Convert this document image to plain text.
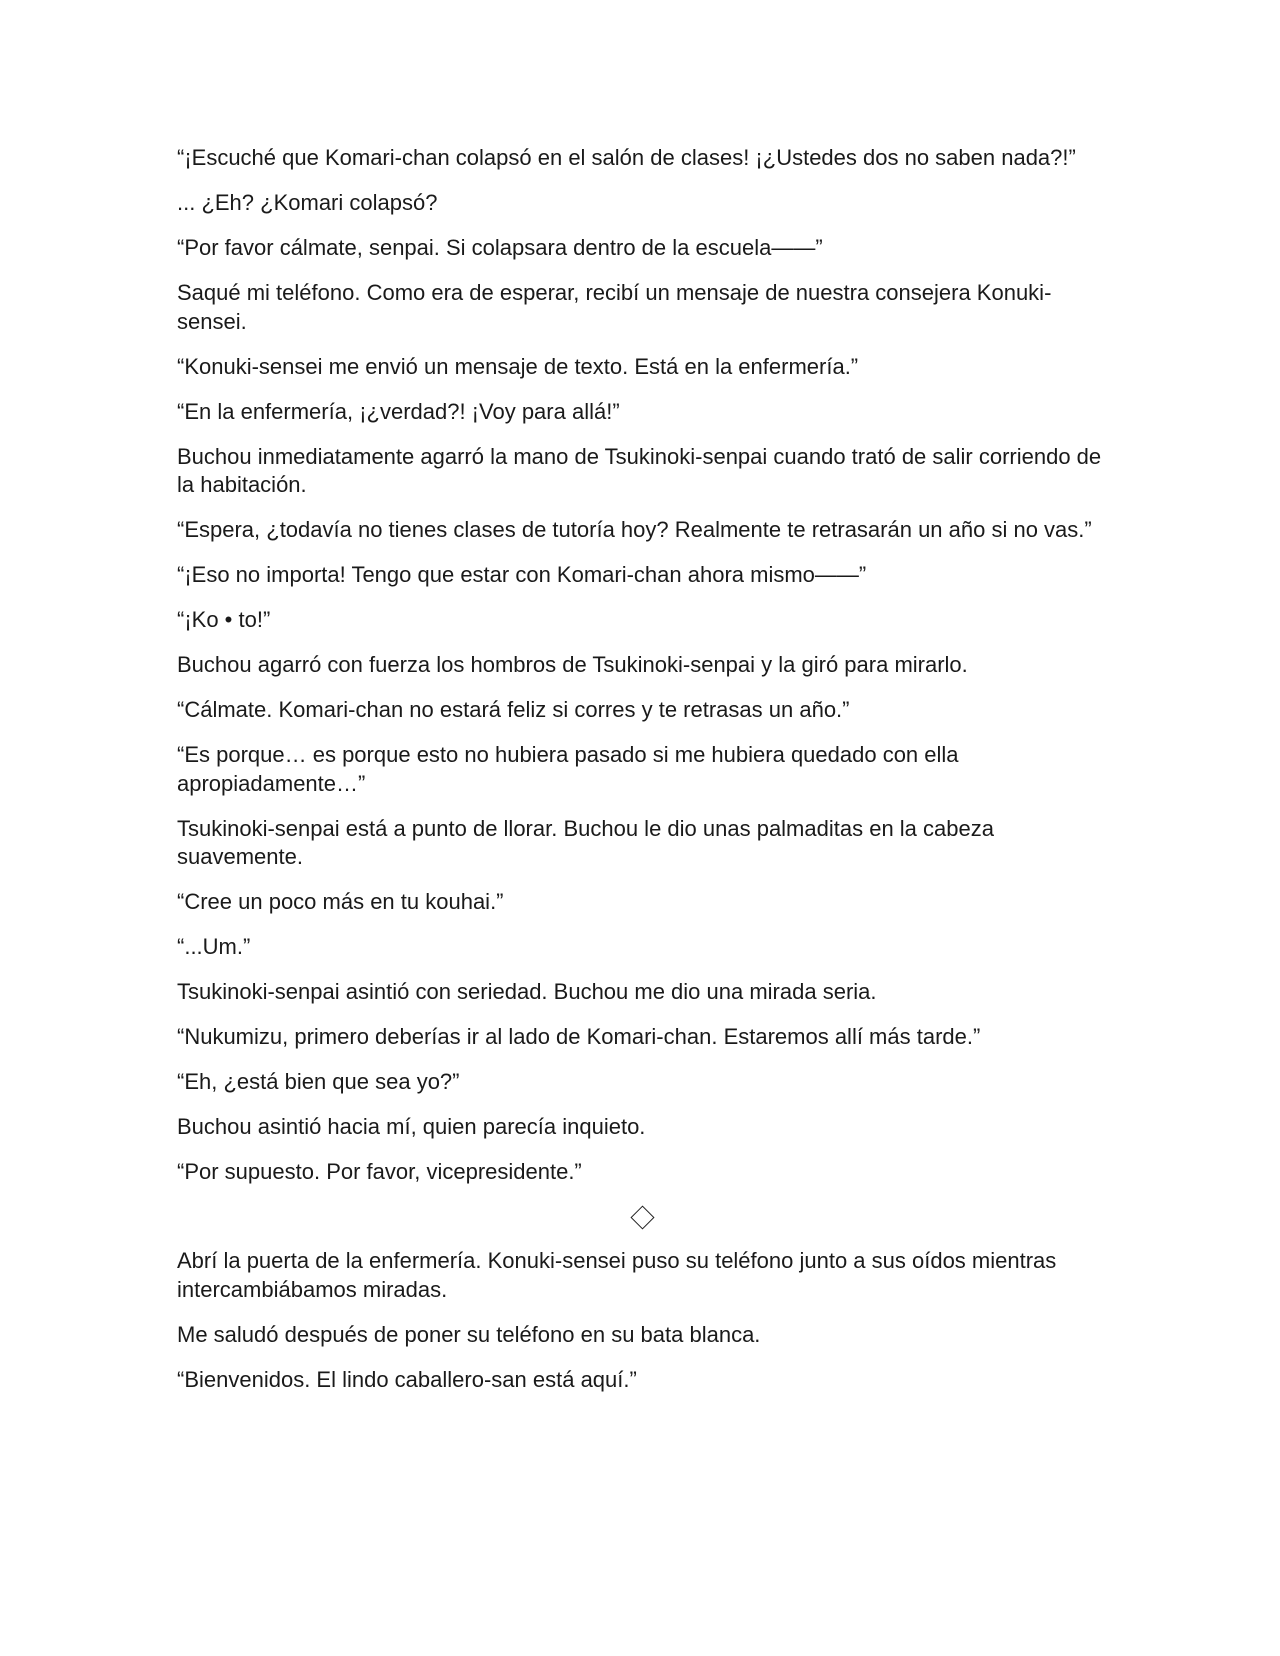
“¡Escuché que Komari-chan colapsó en el salón de clases! ¡¿Ustedes dos no saben nada?!”

... ¿Eh? ¿Komari colapsó?

“Por favor cálmate, senpai. Si colapsara dentro de la escuela——”

Saqué mi teléfono. Como era de esperar, recibí un mensaje de nuestra consejera Konuki-sensei.

“Konuki-sensei me envió un mensaje de texto. Está en la enfermería.”

“En la enfermería, ¡¿verdad?! ¡Voy para allá!”

Buchou inmediatamente agarró la mano de Tsukinoki-senpai cuando trató de salir corriendo de la habitación.

“Espera, ¿todavía no tienes clases de tutoría hoy? Realmente te retrasarán un año si no vas.”

“¡Eso no importa! Tengo que estar con Komari-chan ahora mismo——”

“¡Ko • to!”

Buchou agarró con fuerza los hombros de Tsukinoki-senpai y la giró para mirarlo.

“Cálmate. Komari-chan no estará feliz si corres y te retrasas un año.”

“Es porque… es porque esto no hubiera pasado si me hubiera quedado con ella apropiadamente…”

Tsukinoki-senpai está a punto de llorar. Buchou le dio unas palmaditas en la cabeza suavemente.

“Cree un poco más en tu kouhai.”

“...Um.”

Tsukinoki-senpai asintió con seriedad. Buchou me dio una mirada seria.

“Nukumizu, primero deberías ir al lado de Komari-chan. Estaremos allí más tarde.”

“Eh, ¿está bien que sea yo?”

Buchou asintió hacia mí, quien parecía inquieto.

“Por supuesto. Por favor, vicepresidente.”

Abrí la puerta de la enfermería. Konuki-sensei puso su teléfono junto a sus oídos mientras intercambiábamos miradas.

Me saludó después de poner su teléfono en su bata blanca.

“Bienvenidos. El lindo caballero-san está aquí.”
